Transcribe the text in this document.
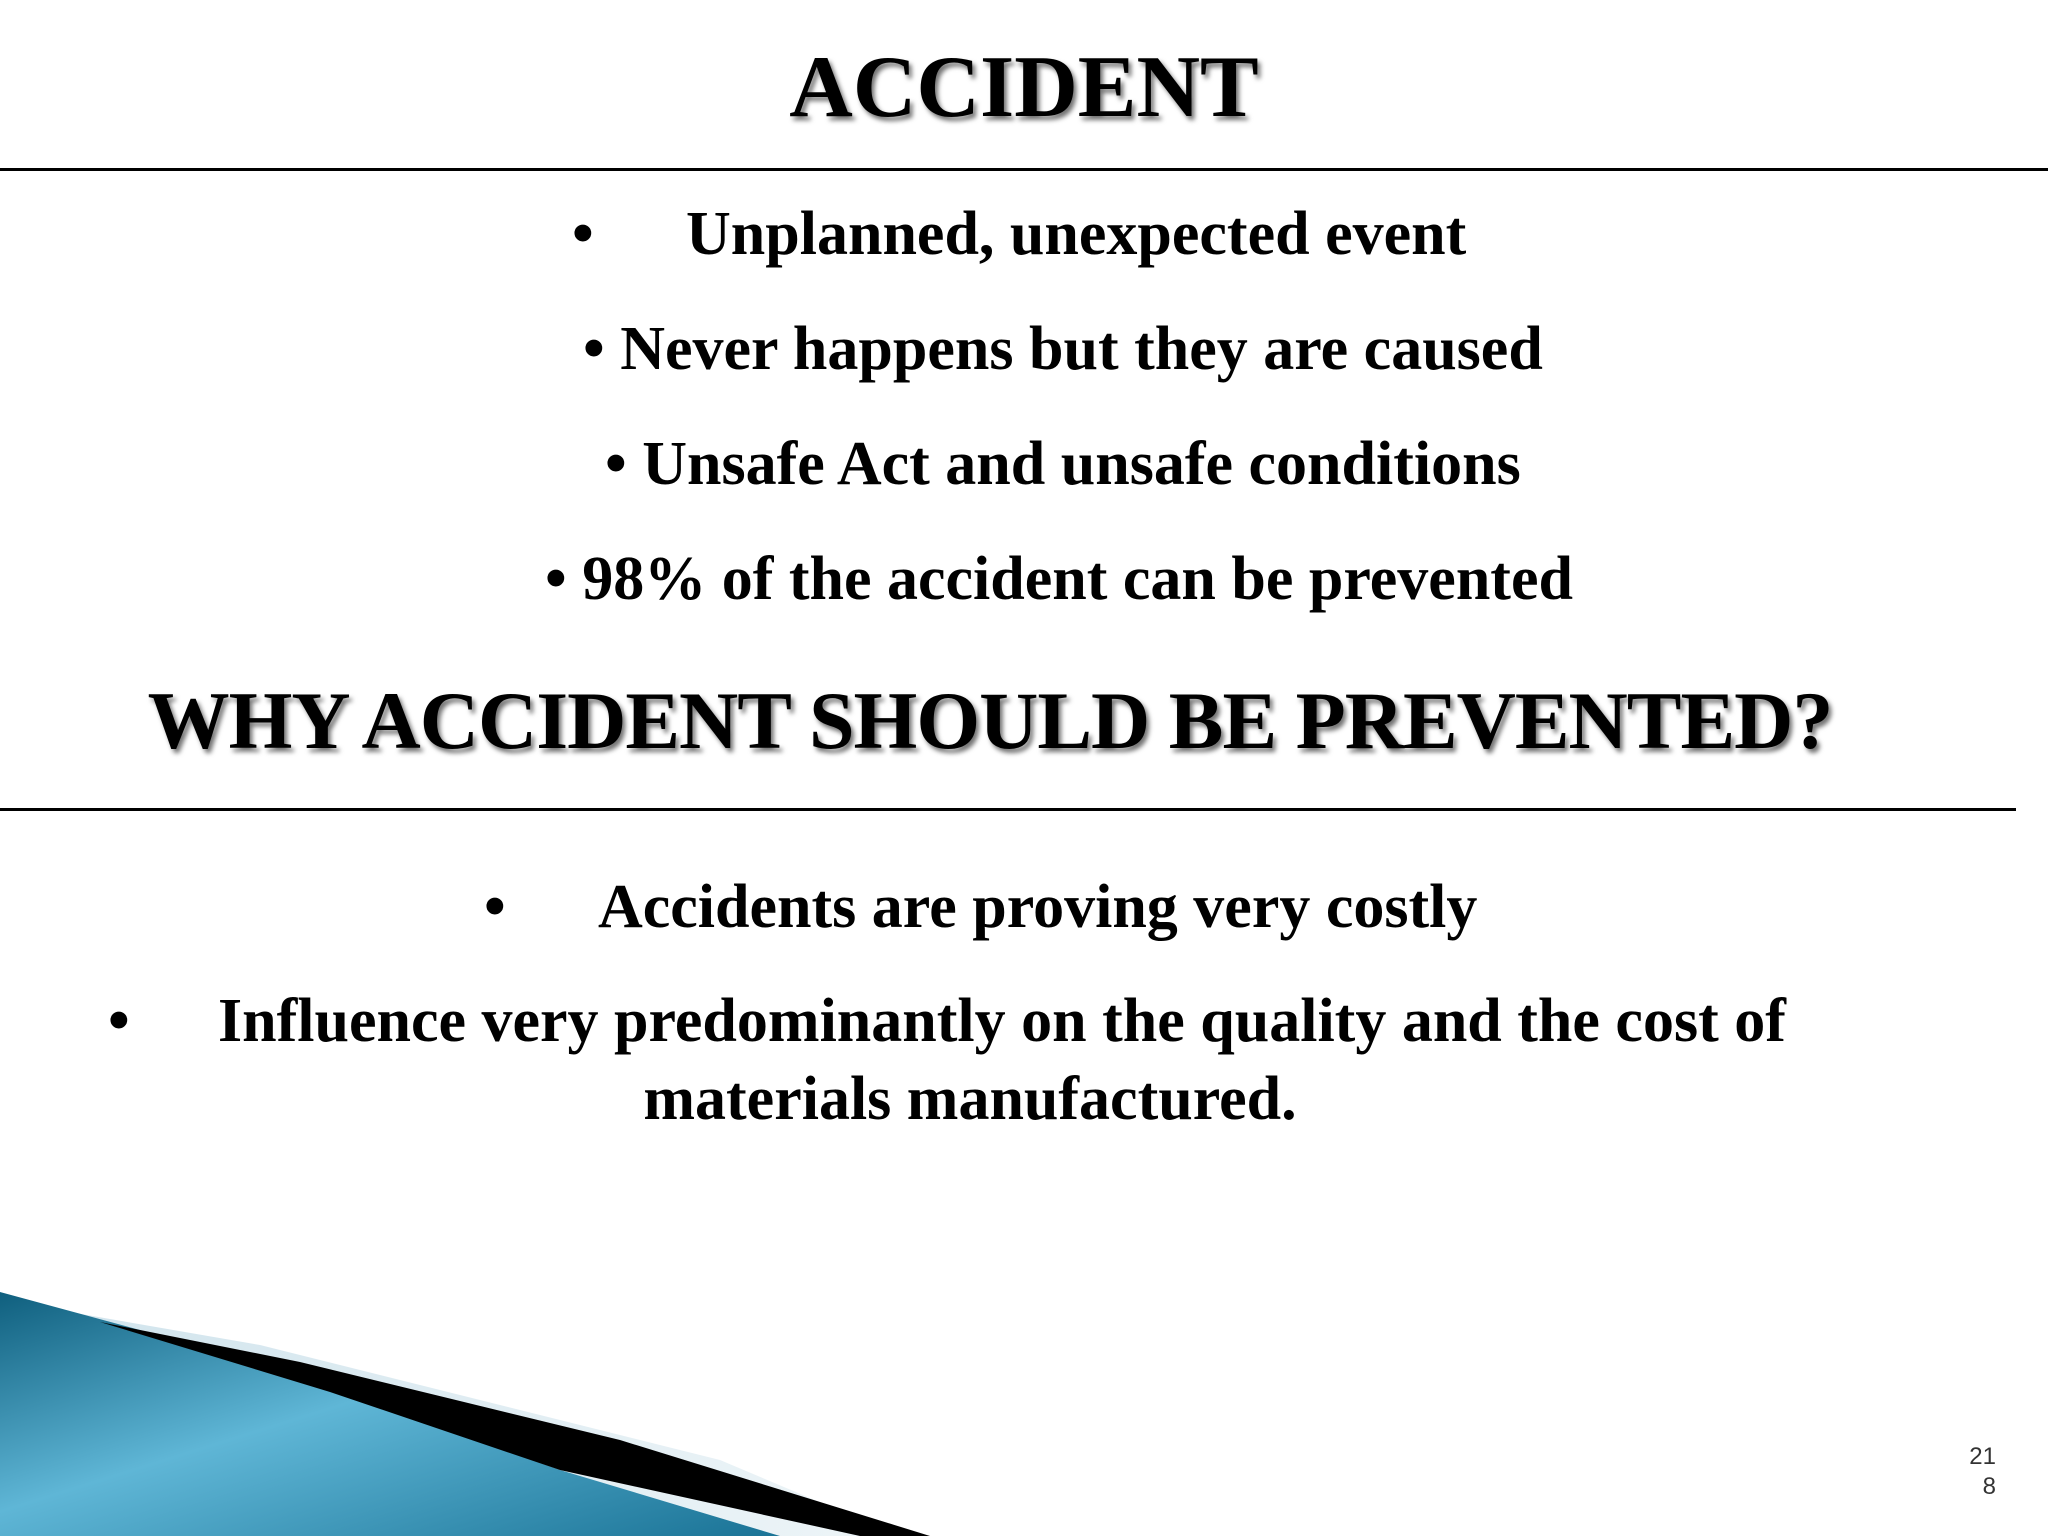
ACCIDENT
• Unplanned, unexpected event
• Never happens but they are caused
• Unsafe Act and unsafe conditions
• 98% of the accident can be prevented
WHY ACCIDENT SHOULD BE PREVENTED?
• Accidents are proving very costly
• Influence very predominantly on the quality and the cost of
materials manufactured.
21
8
